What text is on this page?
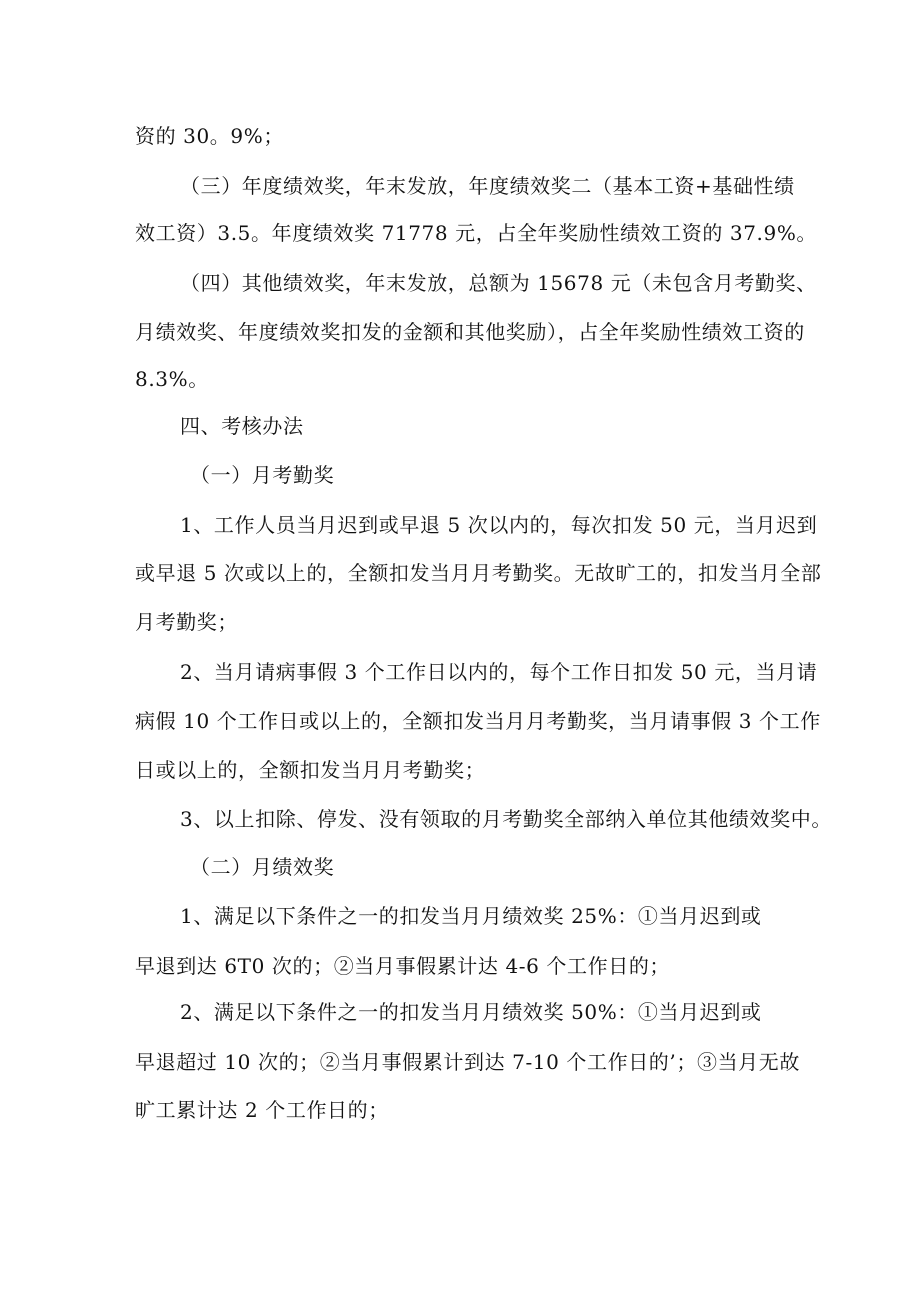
资的 30。9%；
（三）年度绩效奖，年末发放，年度绩效奖二（基本工资+基础性绩
效工资）3.5。年度绩效奖 71778 元，占全年奖励性绩效工资的 37.9%。
（四）其他绩效奖，年末发放，总额为 15678 元（未包含月考勤奖、
月绩效奖、年度绩效奖扣发的金额和其他奖励），占全年奖励性绩效工资的
8.3%。
四、考核办法
（一）月考勤奖
1、工作人员当月迟到或早退 5 次以内的，每次扣发 50 元，当月迟到
或早退 5 次或以上的，全额扣发当月月考勤奖。无故旷工的，扣发当月全部
月考勤奖；
2、当月请病事假 3 个工作日以内的，每个工作日扣发 50 元，当月请
病假 10 个工作日或以上的，全额扣发当月月考勤奖，当月请事假 3 个工作
日或以上的，全额扣发当月月考勤奖；
3、以上扣除、停发、没有领取的月考勤奖全部纳入单位其他绩效奖中。
（二）月绩效奖
1、满足以下条件之一的扣发当月月绩效奖 25%：①当月迟到或
早退到达 6T0 次的；②当月事假累计达 4-6 个工作日的；
2、满足以下条件之一的扣发当月月绩效奖 50%：①当月迟到或
早退超过 10 次的；②当月事假累计到达 7-10 个工作日的’；③当月无故
旷工累计达 2 个工作日的；
